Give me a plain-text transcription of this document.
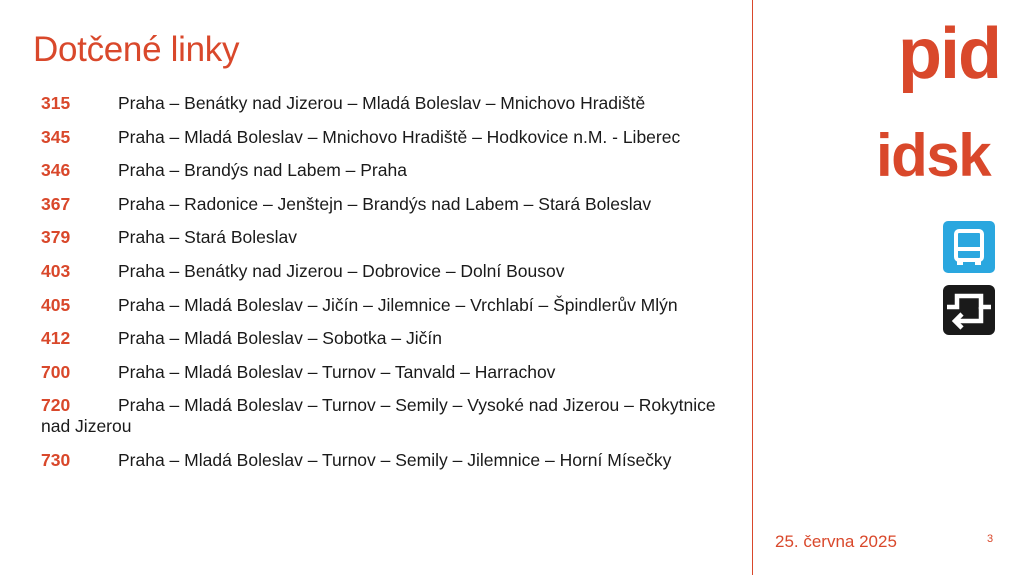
Dotčené linky
315	Praha – Benátky nad Jizerou – Mladá Boleslav – Mnichovo Hradiště
345	Praha – Mladá Boleslav – Mnichovo Hradiště – Hodkovice n.M. - Liberec
346	Praha – Brandýs nad Labem – Praha
367	Praha – Radonice – Jenštejn – Brandýs nad Labem – Stará Boleslav
379	Praha – Stará Boleslav
403	Praha – Benátky nad Jizerou – Dobrovice – Dolní Bousov
405	Praha – Mladá Boleslav – Jičín – Jilemnice – Vrchlabí – Špindlerův Mlýn
412	Praha – Mladá Boleslav – Sobotka – Jičín
700	Praha – Mladá Boleslav – Turnov – Tanvald – Harrachov
720	Praha – Mladá Boleslav – Turnov – Semily – Vysoké nad Jizerou – Rokytnice nad Jizerou
730	Praha – Mladá Boleslav – Turnov – Semily – Jilemnice – Horní Mísečky
pid
idsk
25. června 2025	3
